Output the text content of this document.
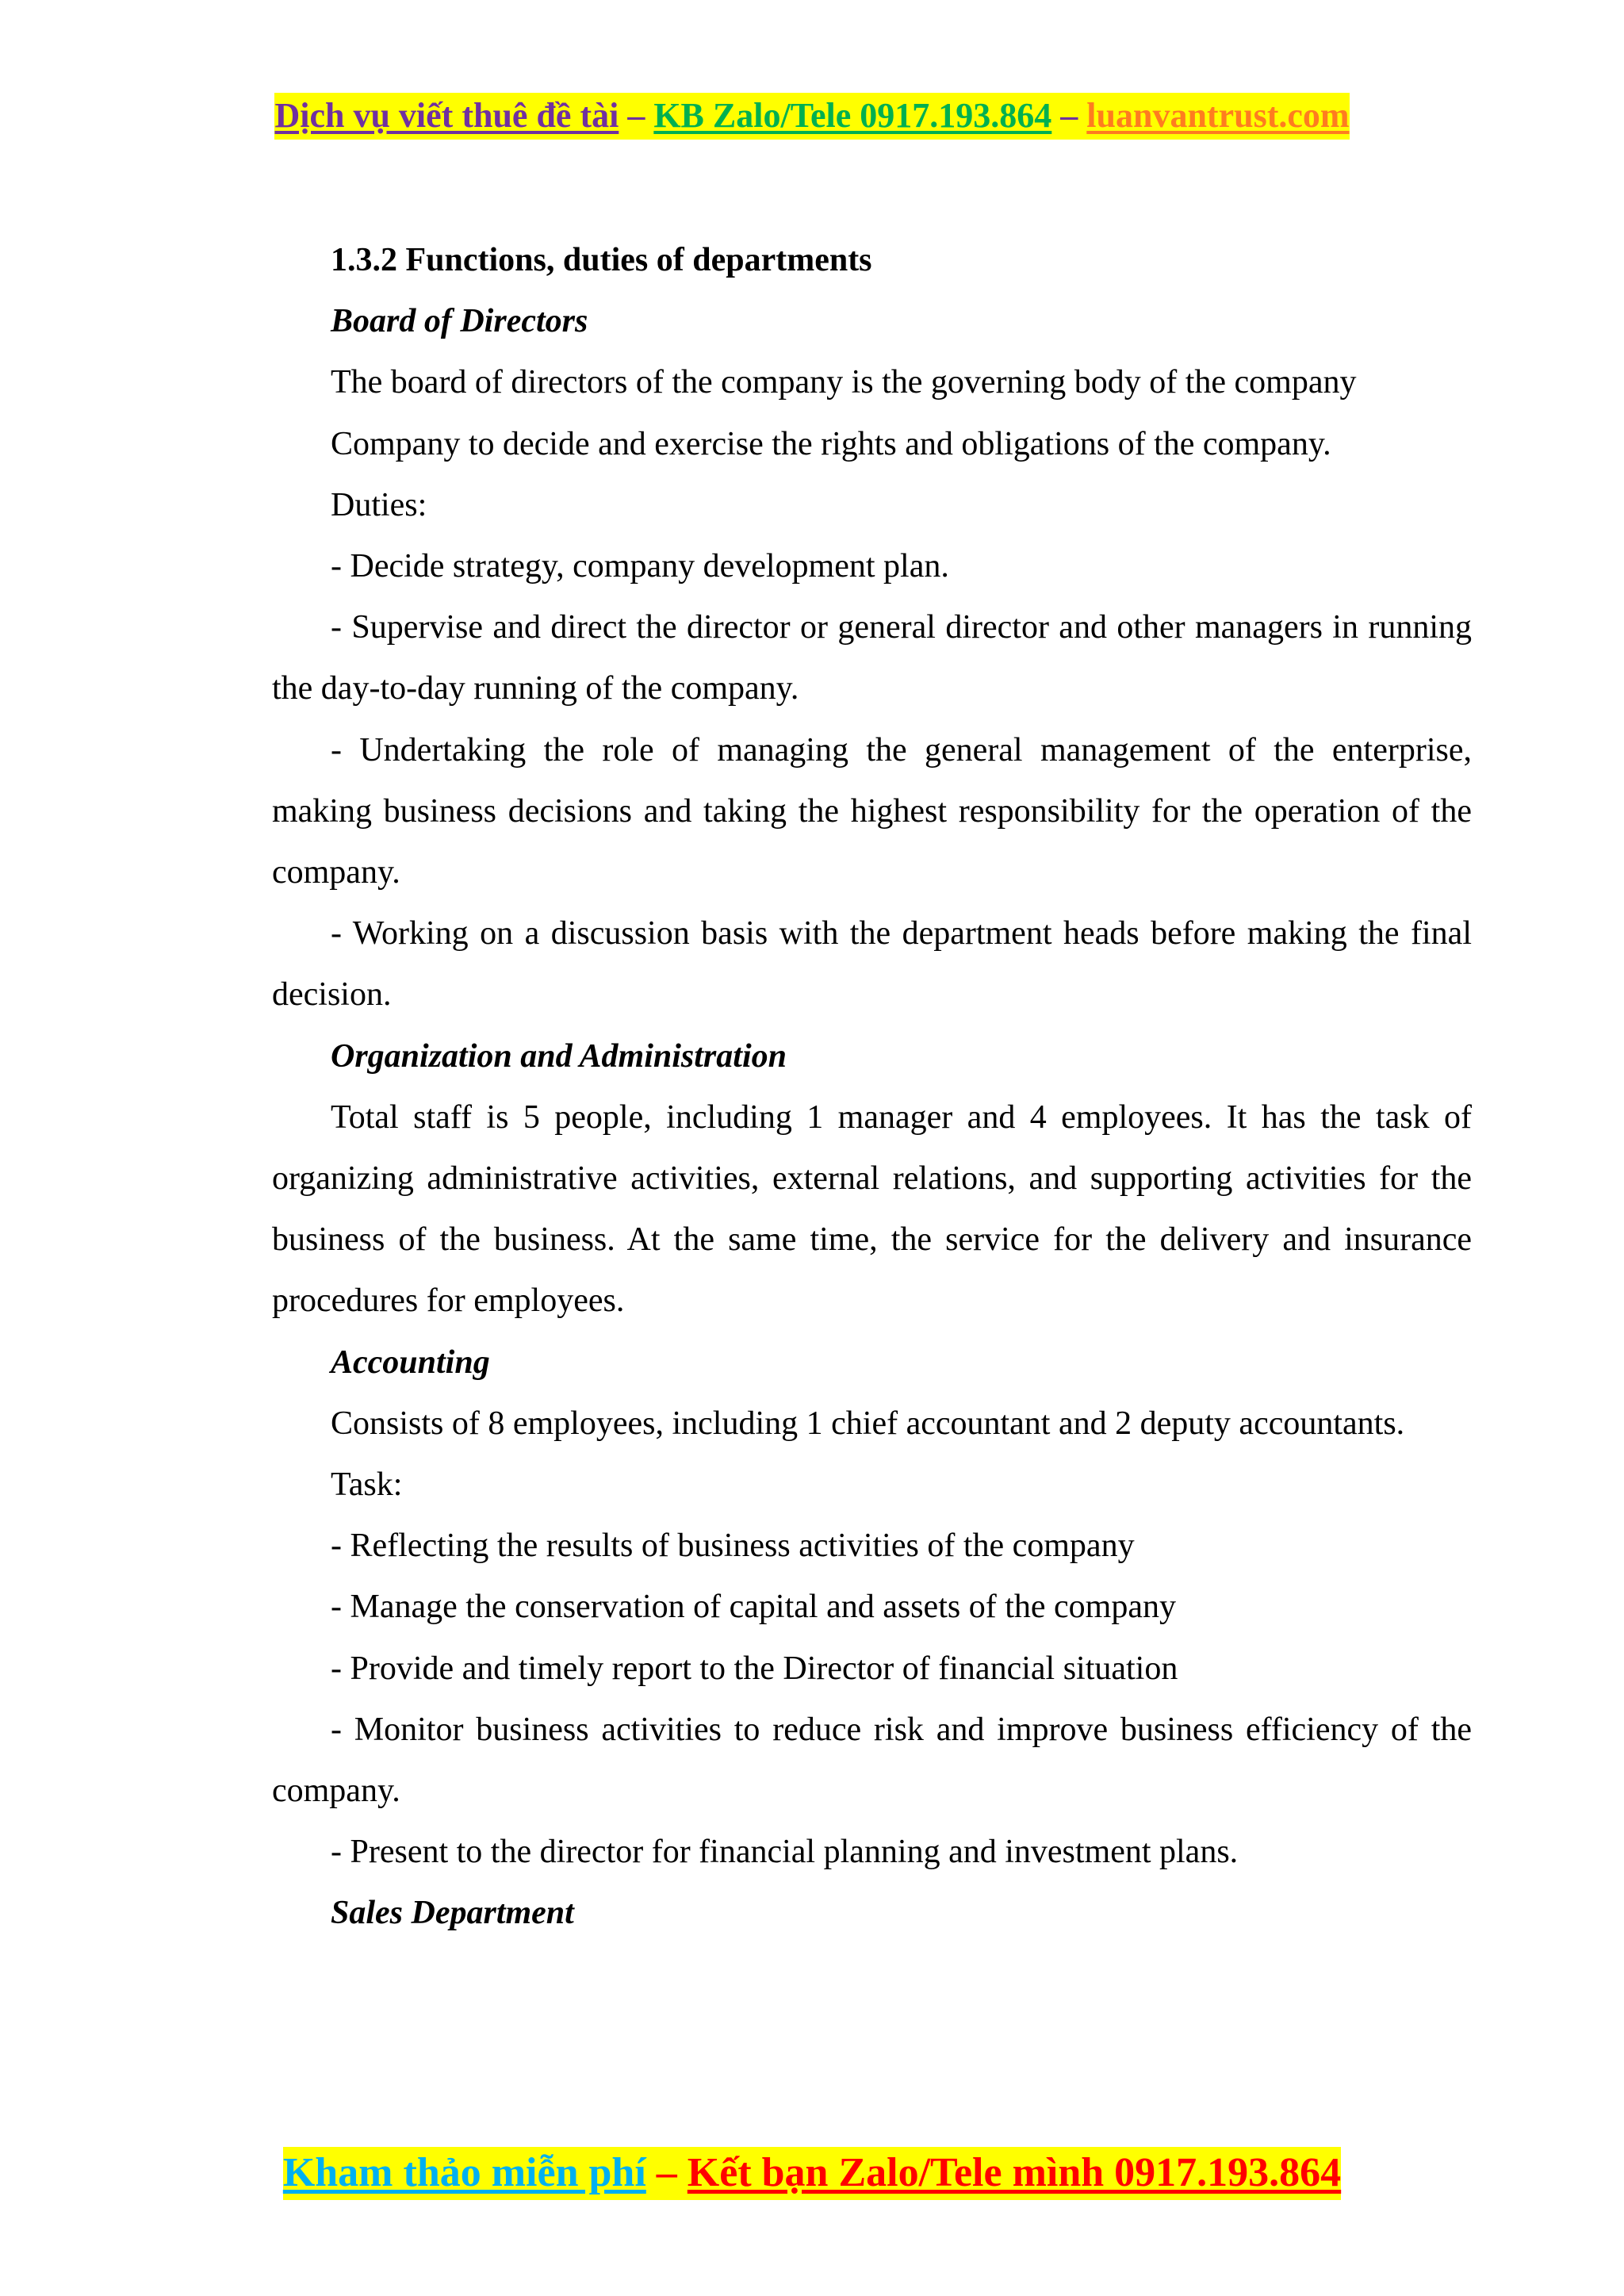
Dịch vụ viết thuê đề tài – KB Zalo/Tele 0917.193.864 – luanvantrust.com

1.3.2 Functions, duties of departments

Board of Directors

The board of directors of the company is the governing body of the company

Company to decide and exercise the rights and obligations of the company.

Duties:

- Decide strategy, company development plan.

- Supervise and direct the director or general director and other managers in running the day-to-day running of the company.

- Undertaking the role of managing the general management of the enterprise, making business decisions and taking the highest responsibility for the operation of the company.

- Working on a discussion basis with the department heads before making the final decision.

Organization and Administration

Total staff is 5 people, including 1 manager and 4 employees. It has the task of organizing administrative activities, external relations, and supporting activities for the business of the business. At the same time, the service for the delivery and insurance procedures for employees.

Accounting

Consists of 8 employees, including 1 chief accountant and 2 deputy accountants.

Task:

- Reflecting the results of business activities of the company

- Manage the conservation of capital and assets of the company

- Provide and timely report to the Director of financial situation

- Monitor business activities to reduce risk and improve business efficiency of the company.

- Present to the director for financial planning and investment plans.

Sales Department

Kham thảo miễn phí – Kết bạn Zalo/Tele mình 0917.193.864
